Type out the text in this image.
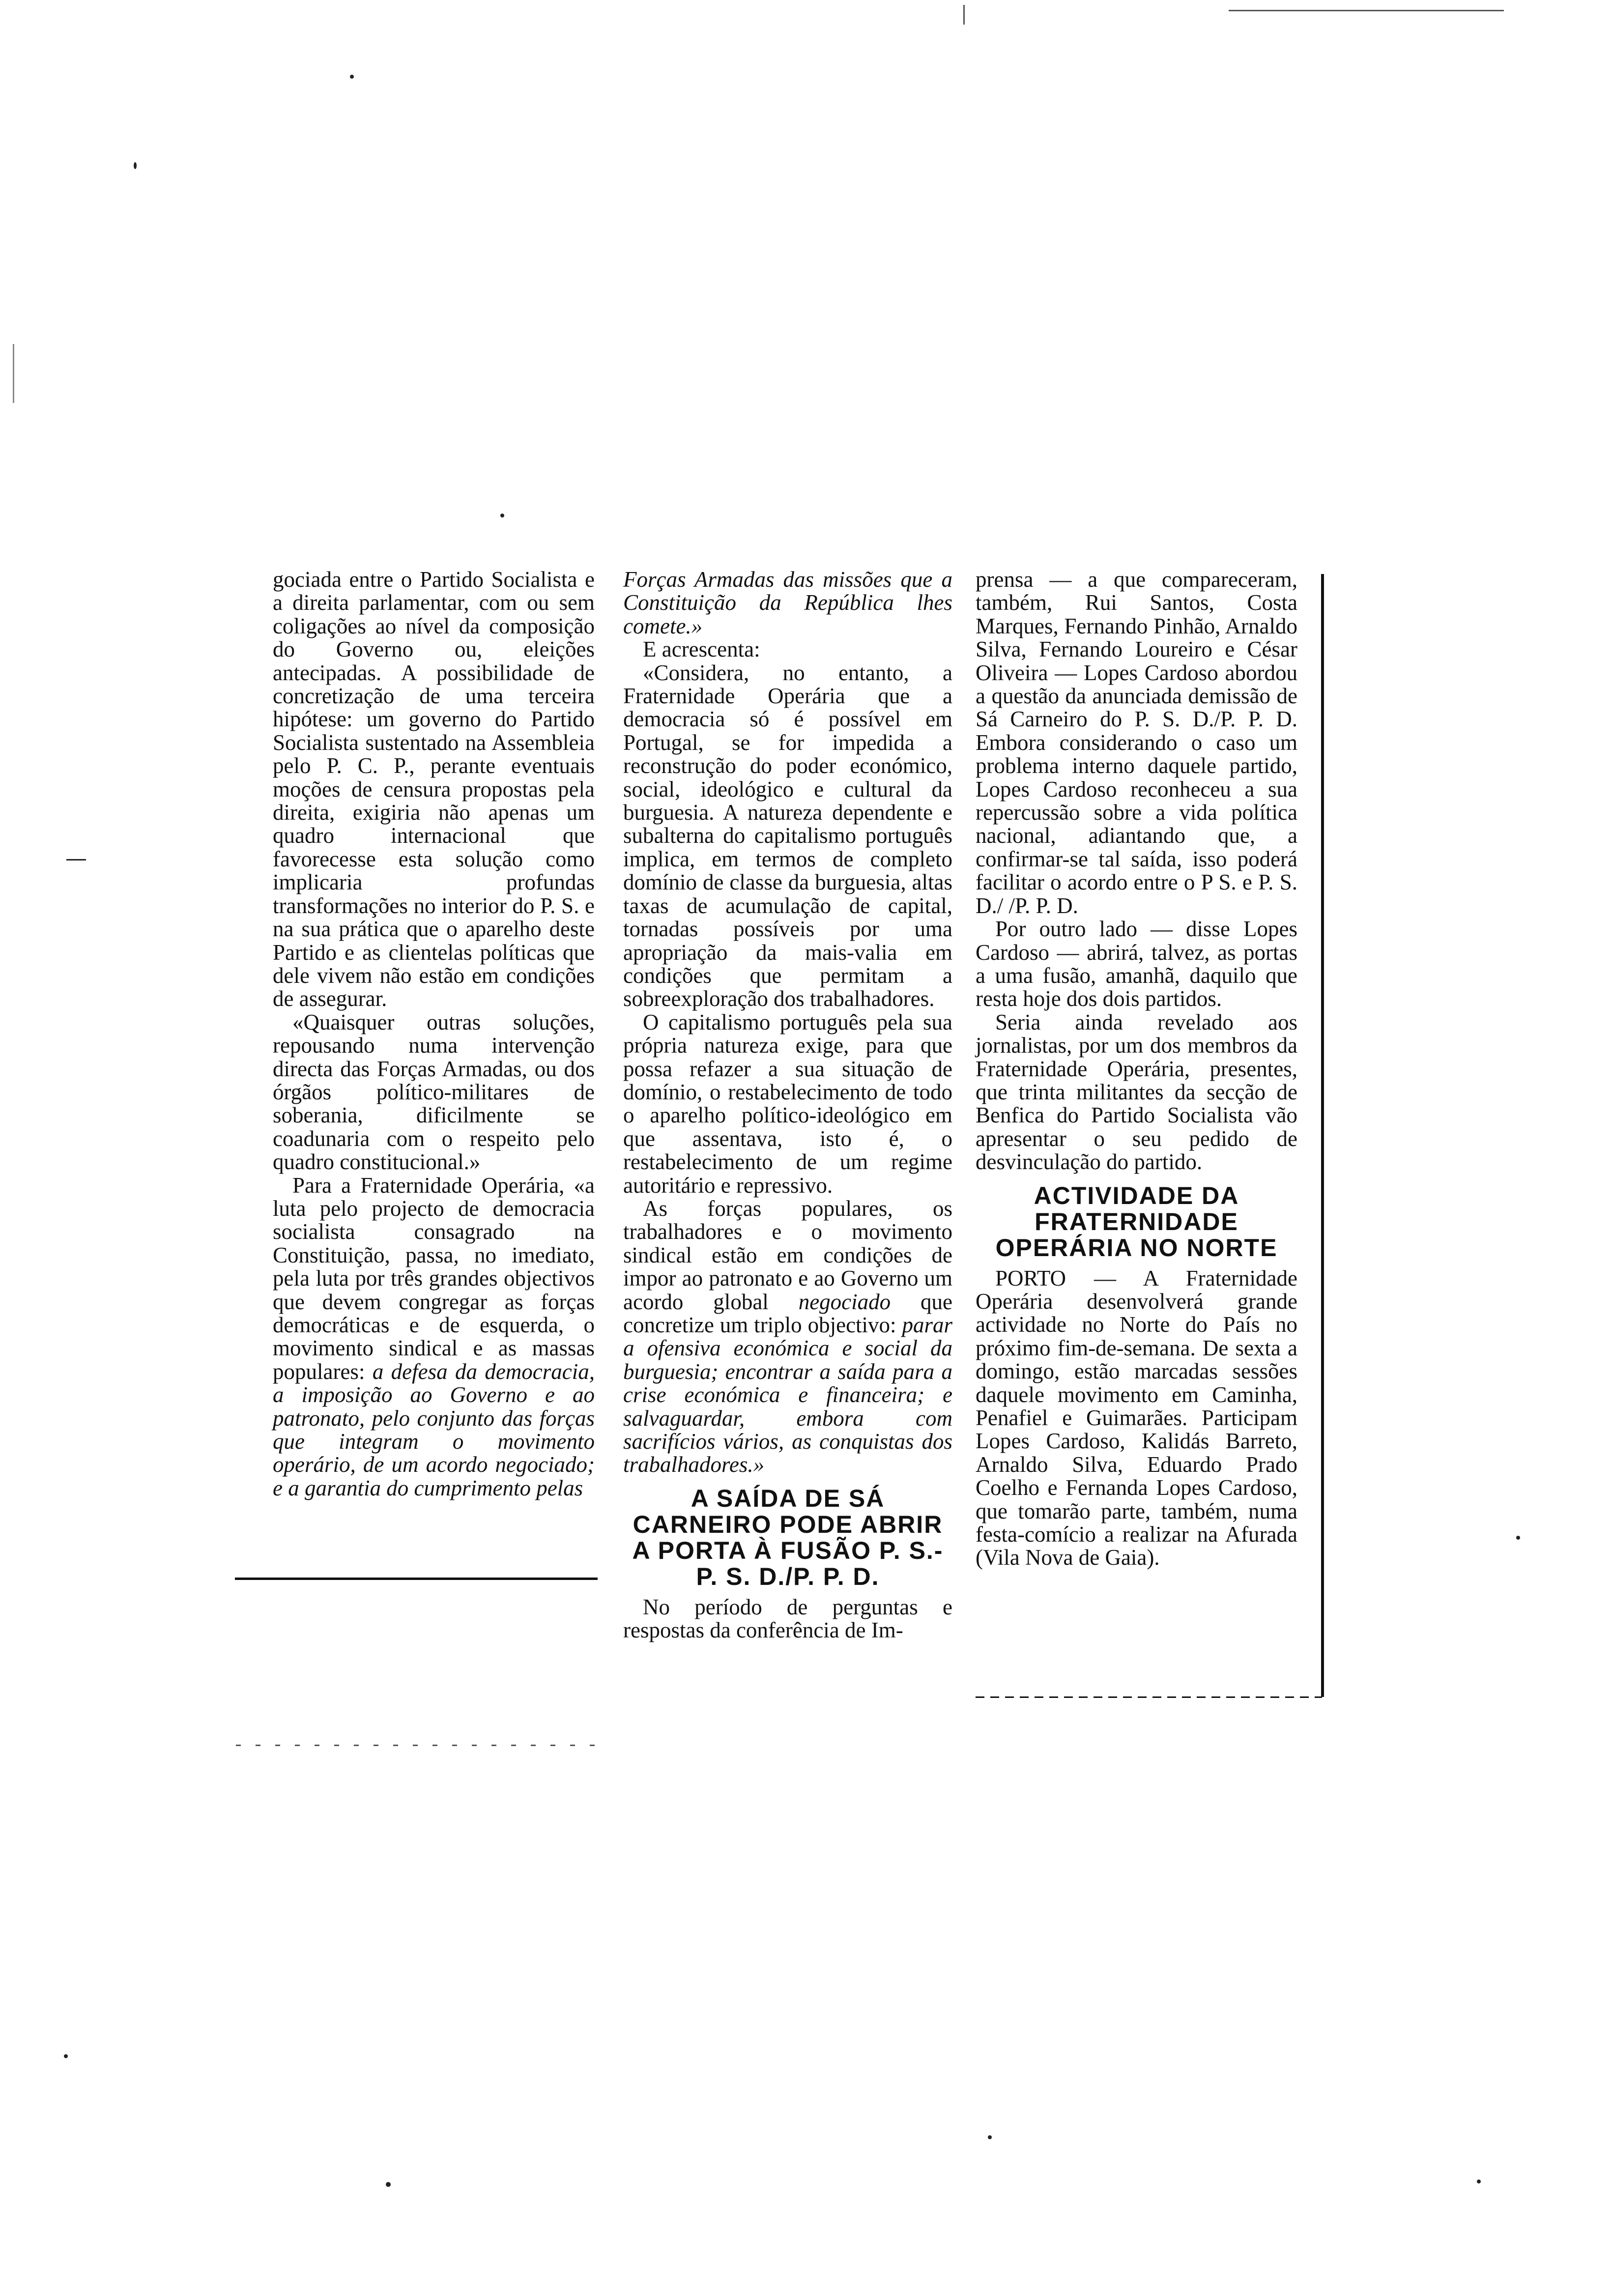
gociada entre o Partido Socialista e a direita parlamentar, com ou sem coligações ao nível da composição do Governo ou, eleições antecipadas. A possibilidade de concretização de uma terceira hipótese: um governo do Partido Socialista sustentado na Assembleia pelo P. C. P., perante eventuais moções de censura propostas pela direita, exigiria não apenas um quadro internacional que favorecesse esta solução como implicaria profundas transformações no interior do P. S. e na sua prática que o aparelho deste Partido e as clientelas políticas que dele vivem não estão em condições de assegurar.

«Quaisquer outras soluções, repousando numa intervenção directa das Forças Armadas, ou dos órgãos político-militares de soberania, dificilmente se coadunaria com o respeito pelo quadro constitucional.»

Para a Fraternidade Operária, «a luta pelo projecto de democracia socialista consagrado na Constituição, passa, no imediato, pela luta por três grandes objectivos que devem congregar as forças democráticas e de esquerda, o movimento sindical e as massas populares: a defesa da democracia, a imposição ao Governo e ao patronato, pelo conjunto das forças que integram o movimento operário, de um acordo negociado; e a garantia do cumprimento pelas

Forças Armadas das missões que a Constituição da República lhes comete.»

E acrescenta:

«Considera, no entanto, a Fraternidade Operária que a democracia só é possível em Portugal, se for impedida a reconstrução do poder económico, social, ideológico e cultural da burguesia. A natureza dependente e subalterna do capitalismo português implica, em termos de completo domínio de classe da burguesia, altas taxas de acumulação de capital, tornadas possíveis por uma apropriação da mais-valia em condições que permitam a sobreexploração dos trabalhadores.

O capitalismo português pela sua própria natureza exige, para que possa refazer a sua situação de domínio, o restabelecimento de todo o aparelho político-ideológico em que assentava, isto é, o restabelecimento de um regime autoritário e repressivo.

As forças populares, os trabalhadores e o movimento sindical estão em condições de impor ao patronato e ao Governo um acordo global negociado que concretize um triplo objectivo: parar a ofensiva económica e social da burguesia; encontrar a saída para a crise económica e financeira; e salvaguardar, embora com sacrifícios vários, as conquistas dos trabalhadores.»

A SAÍDA DE SÁ CARNEIRO PODE ABRIR A PORTA À FUSÃO P. S.-P. S. D./P. P. D.

No período de perguntas e respostas da conferência de Im-

prensa — a que compareceram, também, Rui Santos, Costa Marques, Fernando Pinhão, Arnaldo Silva, Fernando Loureiro e César Oliveira — Lopes Cardoso abordou a questão da anunciada demissão de Sá Carneiro do P. S. D./P. P. D. Embora considerando o caso um problema interno daquele partido, Lopes Cardoso reconheceu a sua repercussão sobre a vida política nacional, adiantando que, a confirmar-se tal saída, isso poderá facilitar o acordo entre o P S. e P. S. D./ /P. P. D.

Por outro lado — disse Lopes Cardoso — abrirá, talvez, as portas a uma fusão, amanhã, daquilo que resta hoje dos dois partidos.

Seria ainda revelado aos jornalistas, por um dos membros da Fraternidade Operária, presentes, que trinta militantes da secção de Benfica do Partido Socialista vão apresentar o seu pedido de desvinculação do partido.

ACTIVIDADE DA FRATERNIDADE OPERÁRIA NO NORTE

PORTO — A Fraternidade Operária desenvolverá grande actividade no Norte do País no próximo fim-de-semana. De sexta a domingo, estão marcadas sessões daquele movimento em Caminha, Penafiel e Guimarães. Participam Lopes Cardoso, Kalidás Barreto, Arnaldo Silva, Eduardo Prado Coelho e Fernanda Lopes Cardoso, que tomarão parte, também, numa festa-comício a realizar na Afurada (Vila Nova de Gaia).
